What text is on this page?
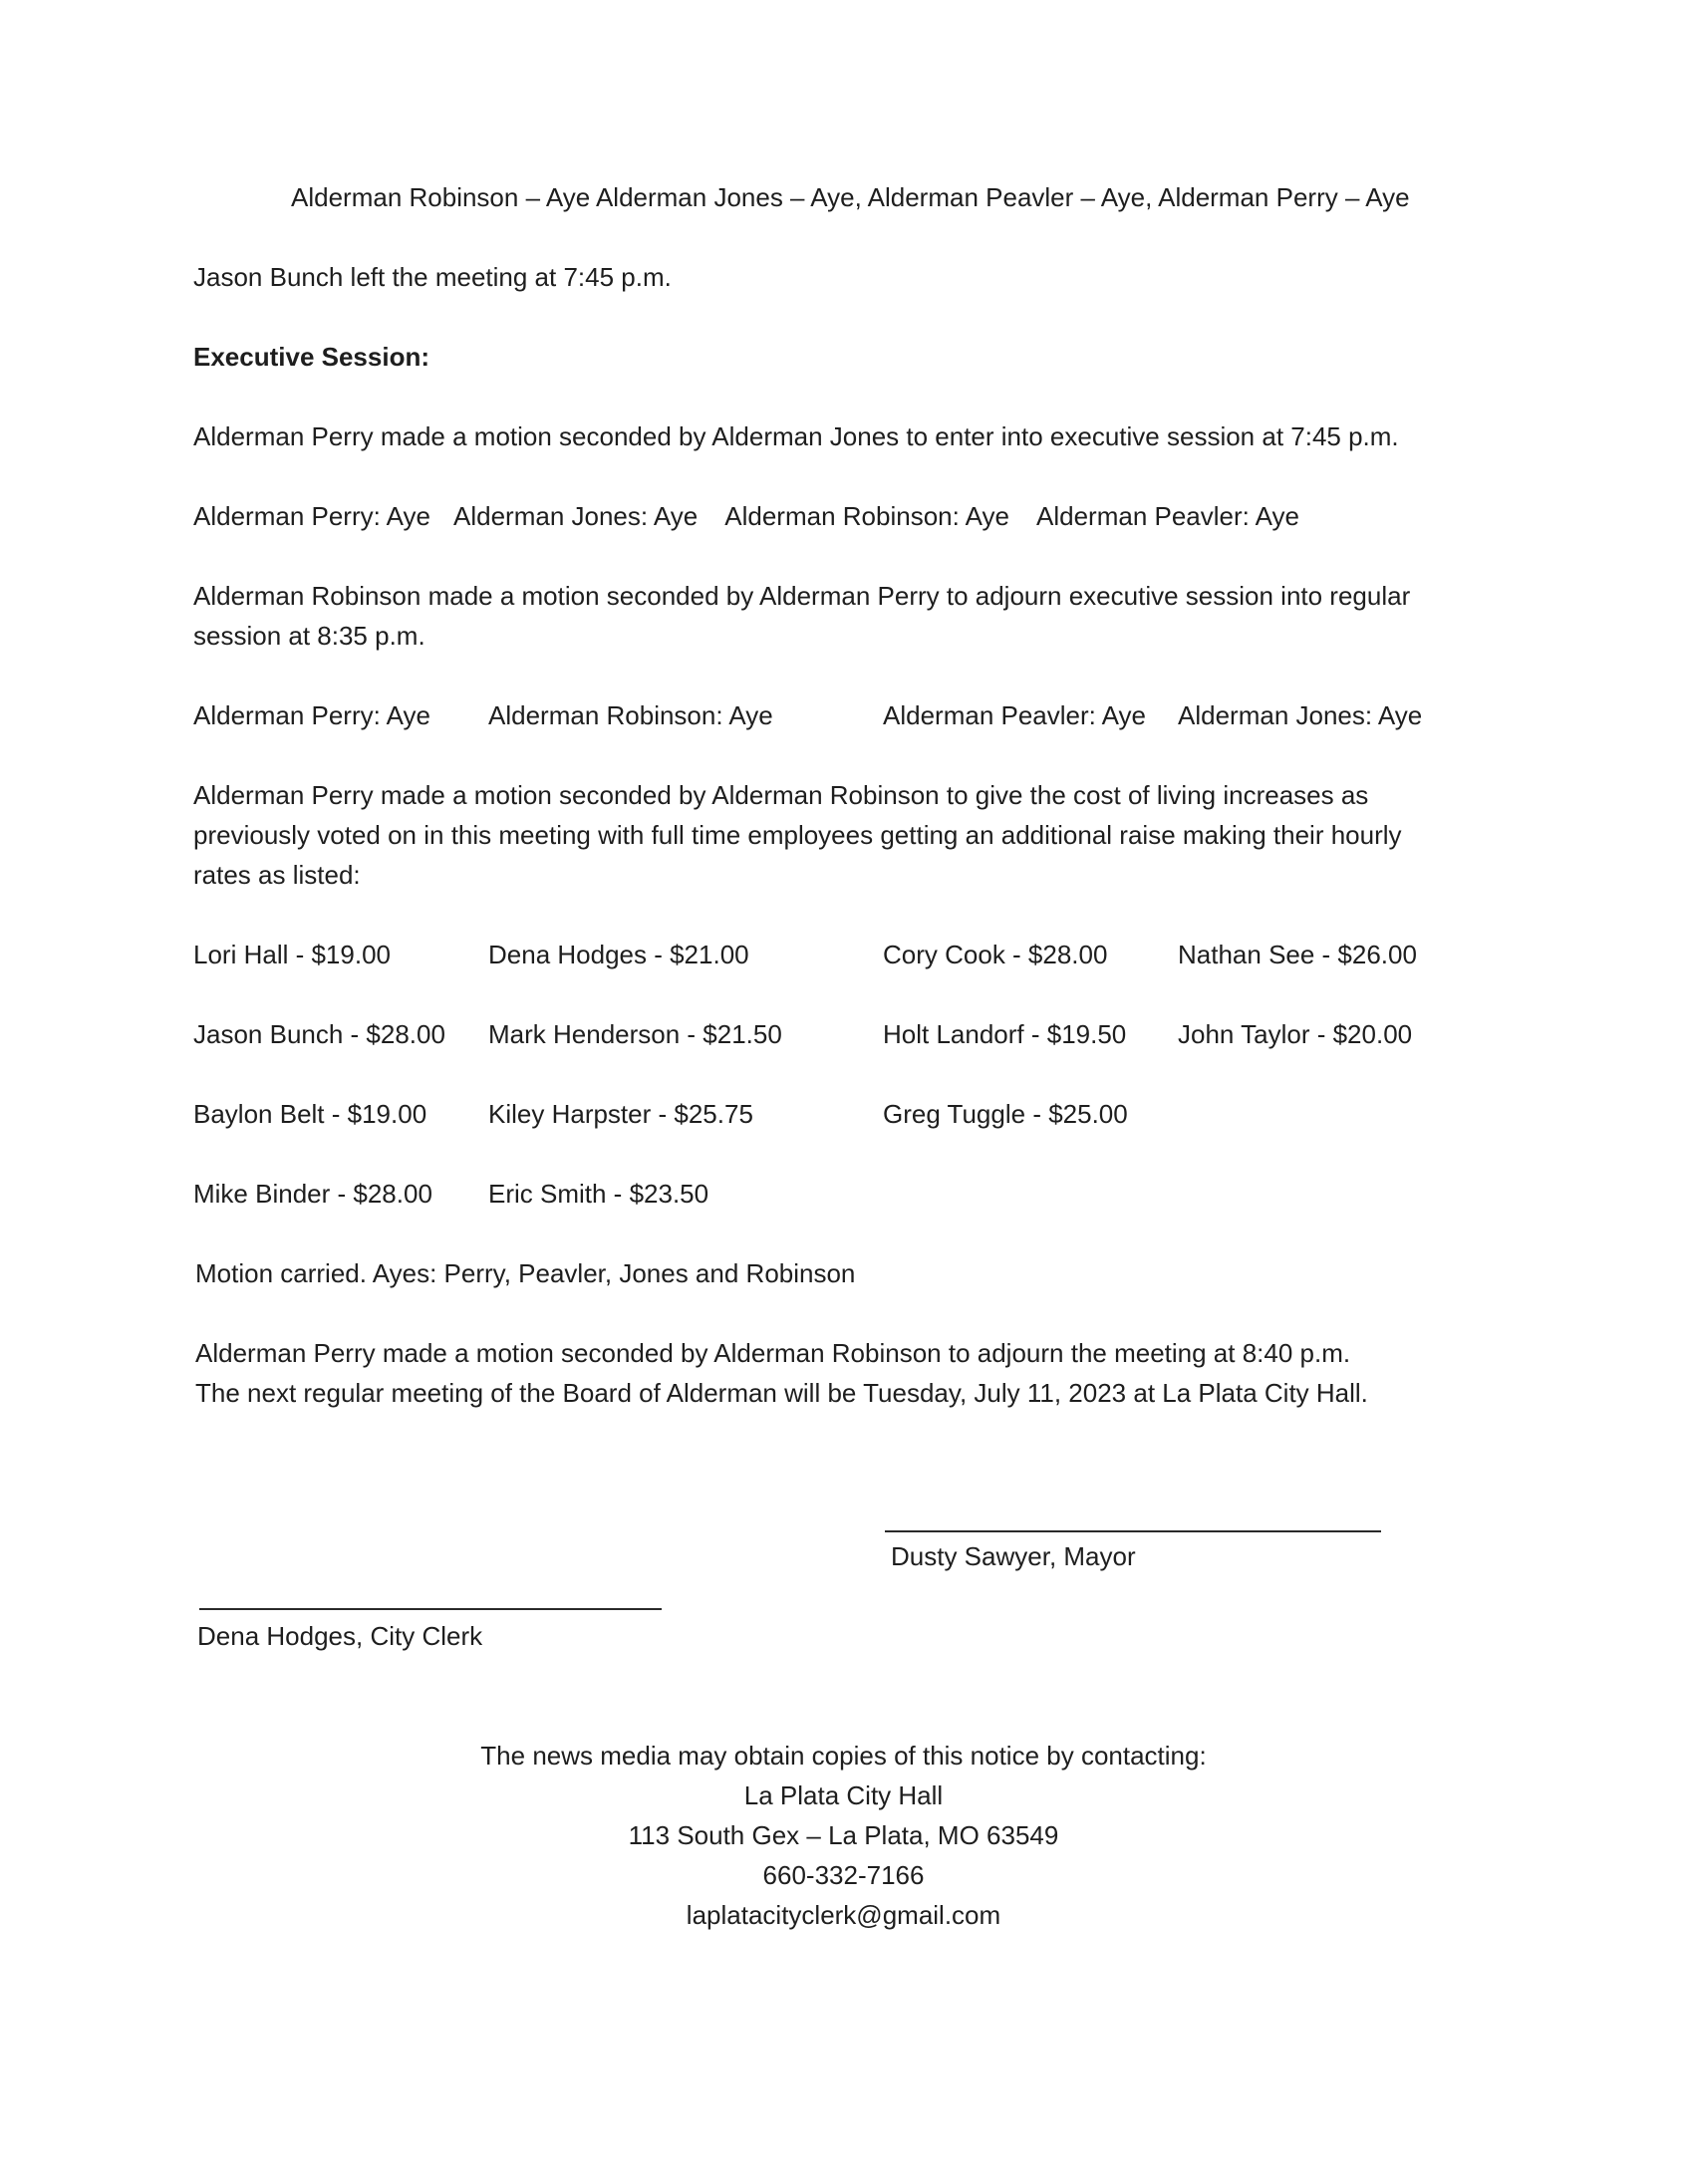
Alderman Robinson – Aye Alderman Jones – Aye, Alderman Peavler – Aye, Alderman Perry – Aye
Jason Bunch left the meeting at 7:45 p.m.
Executive Session:
Alderman Perry made a motion seconded by Alderman Jones to enter into executive session at 7:45 p.m.
Alderman Perry: Aye Alderman Jones: Aye Alderman Robinson: Aye Alderman Peavler: Aye
Alderman Robinson made a motion seconded by Alderman Perry to adjourn executive session into regular session at 8:35 p.m.
Alderman Perry: Aye Alderman Robinson: Aye	Alderman Peavler: Aye Alderman Jones: Aye
Alderman Perry made a motion seconded by Alderman Robinson to give the cost of living increases as previously voted on in this meeting with full time employees getting an additional raise making their hourly rates as listed:
Lori Hall - $19.00	Dena Hodges - $21.00	Cory Cook - $28.00	Nathan See - $26.00
Jason Bunch - $28.00 Mark Henderson - $21.50	Holt Landorf - $19.50 John Taylor - $20.00
Baylon Belt - $19.00 Kiley Harpster - $25.75	Greg Tuggle - $25.00
Mike Binder - $28.00 Eric Smith - $23.50
Motion carried. Ayes: Perry, Peavler, Jones and Robinson
Alderman Perry made a motion seconded by Alderman Robinson to adjourn the meeting at 8:40 p.m.
The next regular meeting of the Board of Alderman will be Tuesday, July 11, 2023 at La Plata City Hall.
Dusty Sawyer, Mayor
Dena Hodges, City Clerk
The news media may obtain copies of this notice by contacting:
La Plata City Hall
113 South Gex – La Plata, MO 63549
660-332-7166
laplatacityclerk@gmail.com
